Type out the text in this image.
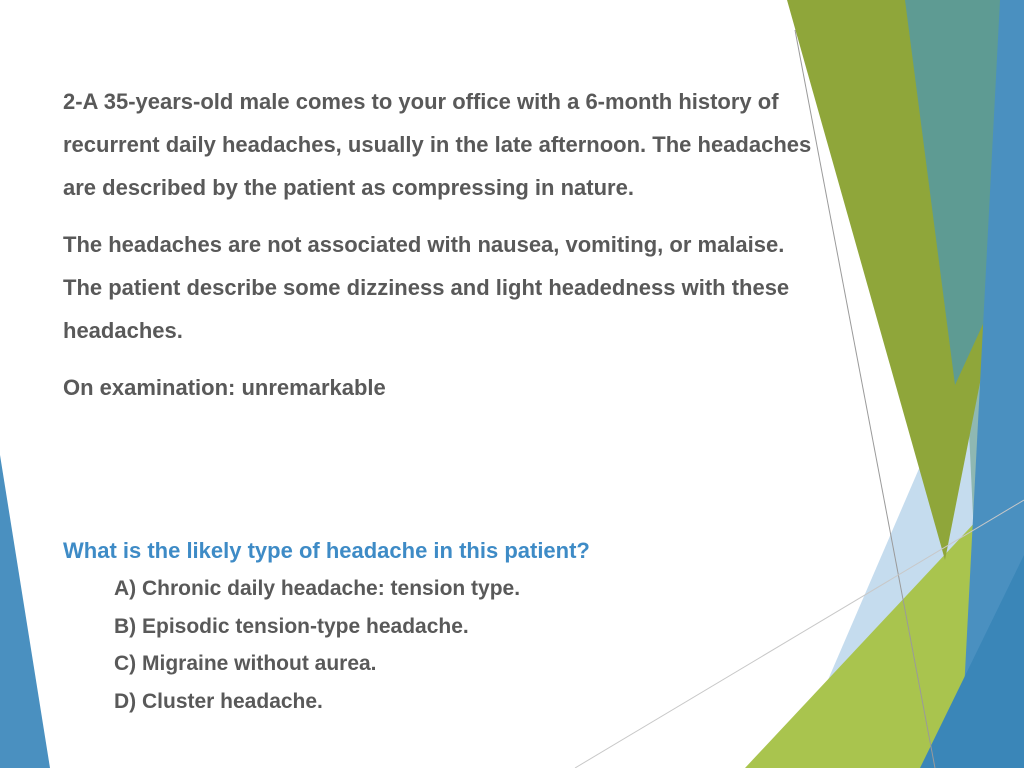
2-A 35-years-old male comes to your office with a 6-month history of recurrent daily headaches, usually in the late afternoon. The headaches are described by the patient as compressing in nature.

The headaches are not associated with nausea, vomiting, or malaise. The patient describe some dizziness and light headedness with these headaches.

On examination: unremarkable

What is the likely type of headache in this patient?

A) Chronic daily headache: tension type.
B) Episodic tension-type headache.
C) Migraine without aurea.
D) Cluster headache.
